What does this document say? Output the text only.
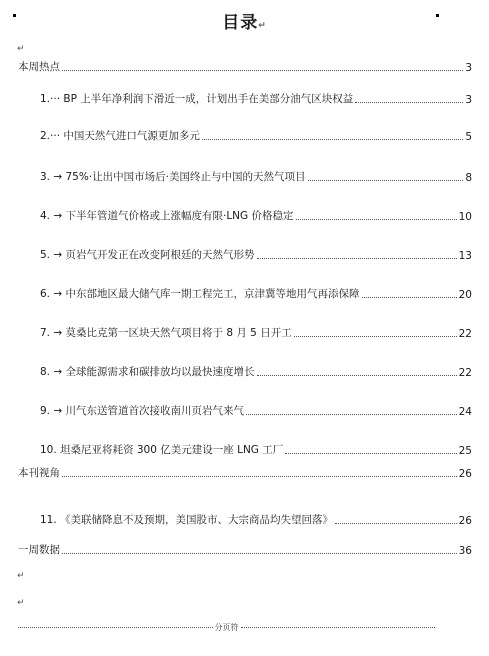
目录↵
↵
本周热点	3
1.··· BP 上半年净利润下滑近一成，计划出手在美部分油气区块权益	3
2.··· 中国天然气进口气源更加多元	5
3. → 75%·让出中国市场后·美国终止与中国的天然气项目	8
4. → 下半年管道气价格或上涨幅度有限·LNG 价格稳定	10
5. → 页岩气开发正在改变阿根廷的天然气形势	13
6. → 中东部地区最大储气库一期工程完工，京津冀等地用气再添保障	20
7. → 莫桑比克第一区块天然气项目将于 8 月 5 日开工	22
8. → 全球能源需求和碳排放均以最快速度增长	22
9. → 川气东送管道首次接收南川页岩气来气	24
10. 坦桑尼亚将耗资 300 亿美元建设一座 LNG 工厂	25
本刊视角	26
11. 《美联储降息不及预期，美国股市、大宗商品均失望回落》	26
一周数据	36
↵
↵
分页符
